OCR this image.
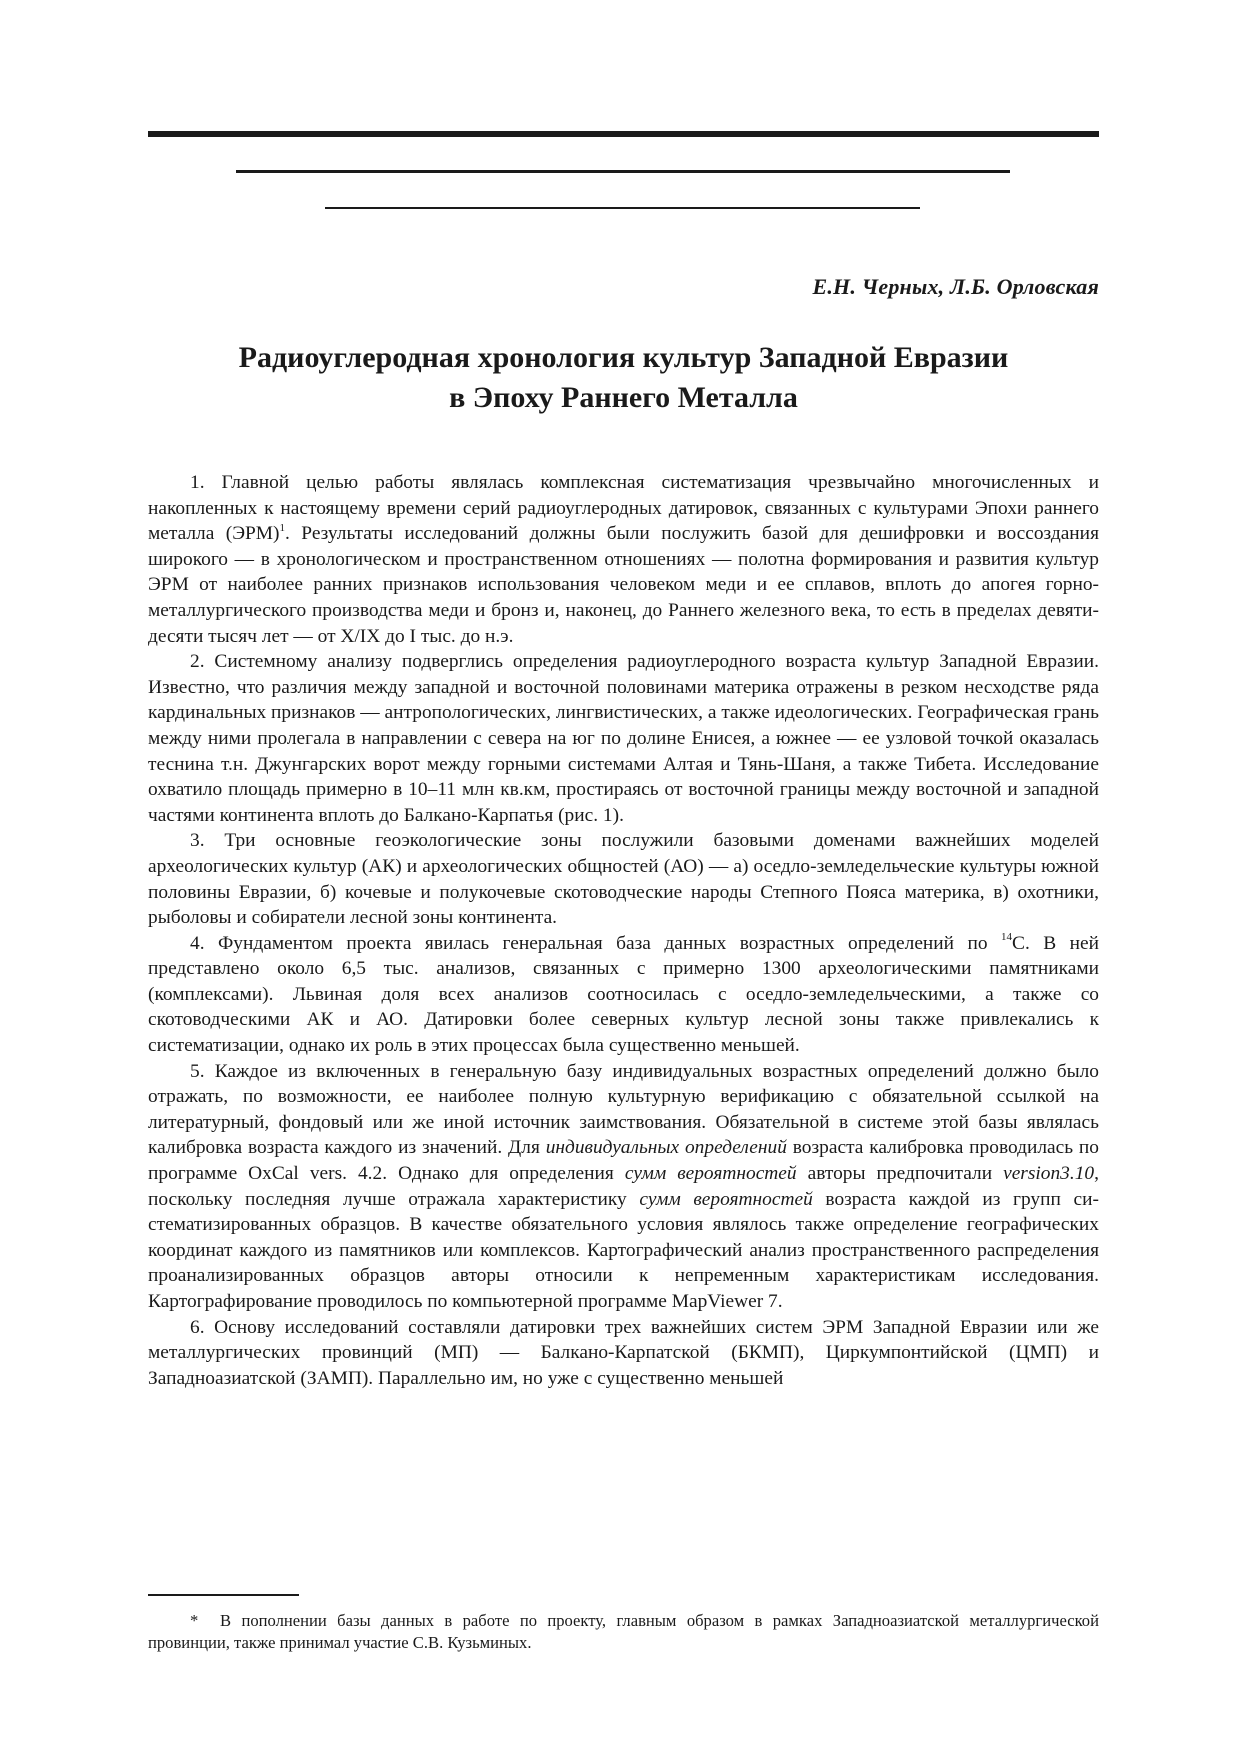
Е.Н. Черных, Л.Б. Орловская
Радиоуглеродная хронология культур Западной Евразии
в Эпоху Раннего Металла

1. Главной целью работы являлась комплексная систематизация чрезвычайно многочисленных и накопленных к настоящему времени серий радиоуглеродных датировок, связанных с культурами Эпохи раннего металла (ЭРМ)$^1$. Результаты исследований должны были послужить базой для дешифровки и воссоздания широкого — в хронологическом и пространственном отношениях — полотна формирования и развития культур ЭРМ от наиболее ранних признаков использования человеком меди и ее сплавов, вплоть до апогея горно-металлургического производства меди и бронз и, наконец, до Раннего железного века, то есть в пределах девяти-десяти тысяч лет — от X/IX до I тыс. до н.э.

2. Системному анализу подверглись определения радиоуглеродного возраста культур Западной Евразии. Известно, что различия между западной и восточной половинами материка отражены в резком несходстве ряда кардинальных признаков — антропологических, лингвистических, а также идеологических. Географическая грань между ними пролегала в направлении с севера на юг по долине Енисея, а южнее — ее узловой точкой оказалась теснина т.н. Джунгарских ворот между горными системами Алтая и Тянь-Шаня, а также Тибета. Исследование охватило площадь примерно в 10–11 млн кв.км, простираясь от восточной границы между восточной и западной частями континента вплоть до Балкано-Карпатья (рис. 1).

3. Три основные геоэкологические зоны послужили базовыми доменами важнейших моделей археологических культур (АК) и археологических общностей (АО) — а) оседло-земледельческие культуры южной половины Евразии, б) кочевые и полукочевые скотоводческие народы Степного Пояса материка, в) охотники, рыболовы и собиратели лесной зоны континента.

4. Фундаментом проекта явилась генеральная база данных возрастных определений по $^{14}$С. В ней представлено около 6,5 тыс. анализов, связанных с примерно 1300 археологическими памятниками (комплексами). Львиная доля всех анализов соотносилась с оседло-земледельческими, а также со скотоводческими АК и АО. Датировки более северных культур лесной зоны также привлекались к систематизации, однако их роль в этих процессах была существенно меньшей.

5. Каждое из включенных в генеральную базу индивидуальных возрастных определений должно было отражать, по возможности, ее наиболее полную культурную верификацию с обязательной ссылкой на литературный, фондовый или же иной источник заимствования. Обязательной в системе этой базы являлась калибровка возраста каждого из значений. Для индивидуальных определений возраста калибровка проводилась по программе OxCal vers. 4.2. Однако для определения сумм вероятностей авторы предпочитали version3.10, поскольку последняя лучше отражала характеристику сумм вероятностей возраста каждой из групп систематизированных образцов. В качестве обязательного условия являлось также определение географических координат каждого из памятников или комплексов. Картографический анализ пространственного распределения проанализированных образцов авторы относили к непременным характеристикам исследования. Картографирование проводилось по компьютерной программе MapViewer 7.

6. Основу исследований составляли датировки трех важнейших систем ЭРМ Западной Евразии или же металлургических провинций (МП) — Балкано-Карпатской (БКМП), Циркумпонтийской (ЦМП) и Западноазиатской (ЗАМП). Параллельно им, но уже с существенно меньшей

* В пополнении базы данных в работе по проекту, главным образом в рамках Западноазиатской металлургической провинции, также принимал участие С.В. Кузьминых.
